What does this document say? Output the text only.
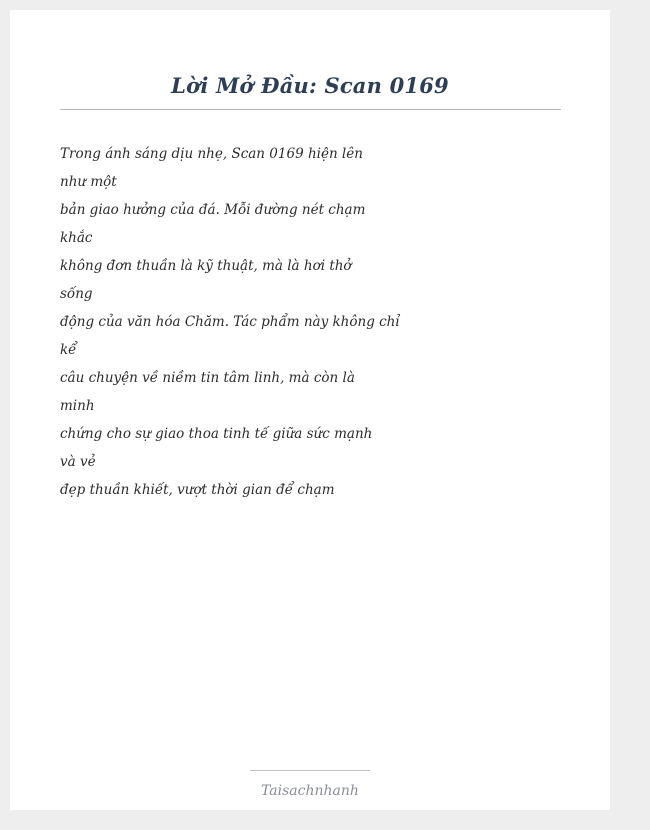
Lời Mở Đầu: Scan 0169
Trong ánh sáng dịu nhẹ, Scan 0169 hiện lên
như một
bản giao hưởng của đá. Mỗi đường nét chạm
khắc
không đơn thuần là kỹ thuật, mà là hơi thở
sống
động của văn hóa Chăm. Tác phẩm này không chỉ
kể
câu chuyện về niềm tin tâm linh, mà còn là
minh
chứng cho sự giao thoa tinh tế giữa sức mạnh
và vẻ
đẹp thuần khiết, vượt thời gian để chạm
Taisachnhanh
